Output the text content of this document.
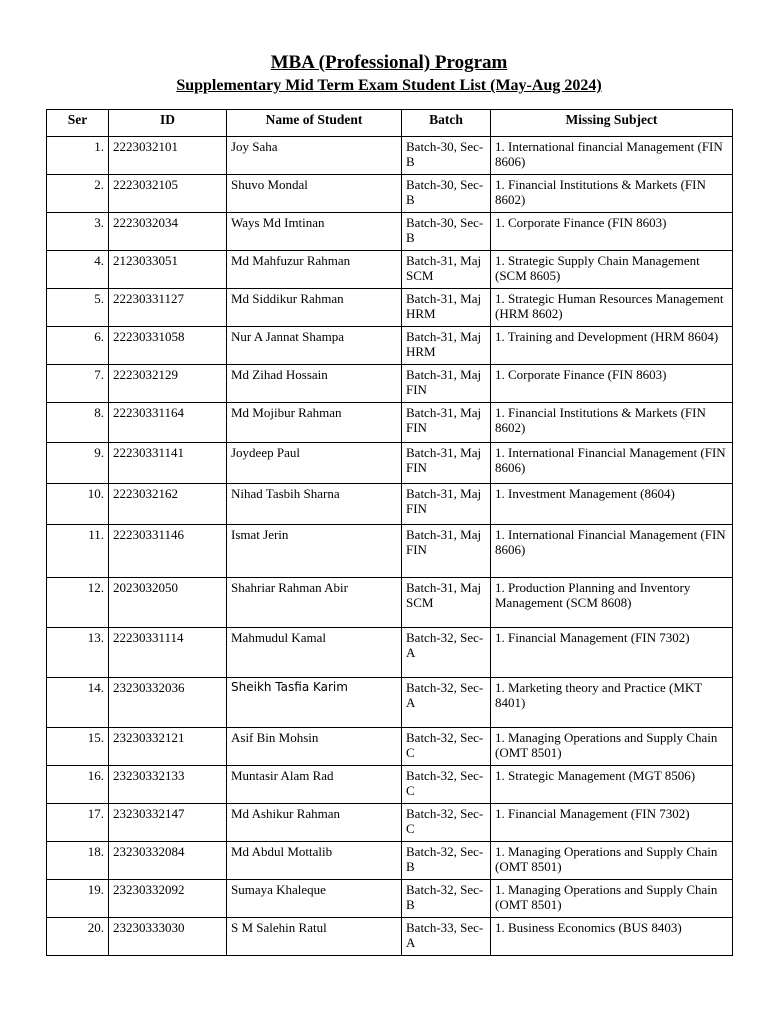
MBA (Professional) Program
Supplementary Mid Term Exam Student List (May-Aug 2024)
Ser	ID	Name of Student	Batch	Missing Subject
1.	2223032101	Joy Saha	Batch-30, Sec-B	1. International financial Management (FIN 8606)
2.	2223032105	Shuvo Mondal	Batch-30, Sec-B	1. Financial Institutions & Markets (FIN 8602)
3.	2223032034	Ways Md Imtinan	Batch-30, Sec-B	1. Corporate Finance (FIN 8603)
4.	2123033051	Md Mahfuzur Rahman	Batch-31, Maj SCM	1. Strategic Supply Chain Management (SCM 8605)
5.	22230331127	Md Siddikur Rahman	Batch-31, Maj HRM	1. Strategic Human Resources Management (HRM 8602)
6.	22230331058	Nur A Jannat Shampa	Batch-31, Maj HRM	1. Training and Development (HRM 8604)

7.	2223032129	Md Zihad Hossain	Batch-31, Maj FIN	1. Corporate Finance (FIN 8603)
8.	22230331164	Md Mojibur Rahman	Batch-31, Maj FIN	1. Financial Institutions & Markets (FIN 8602)
9.	22230331141	Joydeep Paul	Batch-31, Maj FIN	1. International Financial Management (FIN 8606)
10.	2223032162	Nihad Tasbih Sharna	Batch-31, Maj FIN	1. Investment Management (8604)
11.	22230331146	Ismat Jerin	Batch-31, Maj FIN	1. International Financial Management (FIN 8606)
12.	2023032050	Shahriar Rahman Abir	Batch-31, Maj SCM	1. Production Planning and Inventory Management (SCM 8608)
13.	22230331114	Mahmudul Kamal	Batch-32, Sec-A	1. Financial Management (FIN 7302)
14.	23230332036	Sheikh Tasfia Karim	Batch-32, Sec-A	1. Marketing theory and Practice (MKT 8401)
15.	23230332121	Asif Bin Mohsin	Batch-32, Sec-C	1. Managing Operations and Supply Chain (OMT 8501)
16.	23230332133	Muntasir Alam Rad	Batch-32, Sec-C	1. Strategic Management (MGT 8506)
17.	23230332147	Md Ashikur Rahman	Batch-32, Sec-C	1. Financial Management (FIN 7302)
18.	23230332084	Md Abdul Mottalib	Batch-32, Sec-B	1. Managing Operations and Supply Chain (OMT 8501)
19.	23230332092	Sumaya Khaleque	Batch-32, Sec-B	1. Managing Operations and Supply Chain (OMT 8501)
20.	23230333030	S M Salehin Ratul	Batch-33, Sec-A	1. Business Economics (BUS 8403)
